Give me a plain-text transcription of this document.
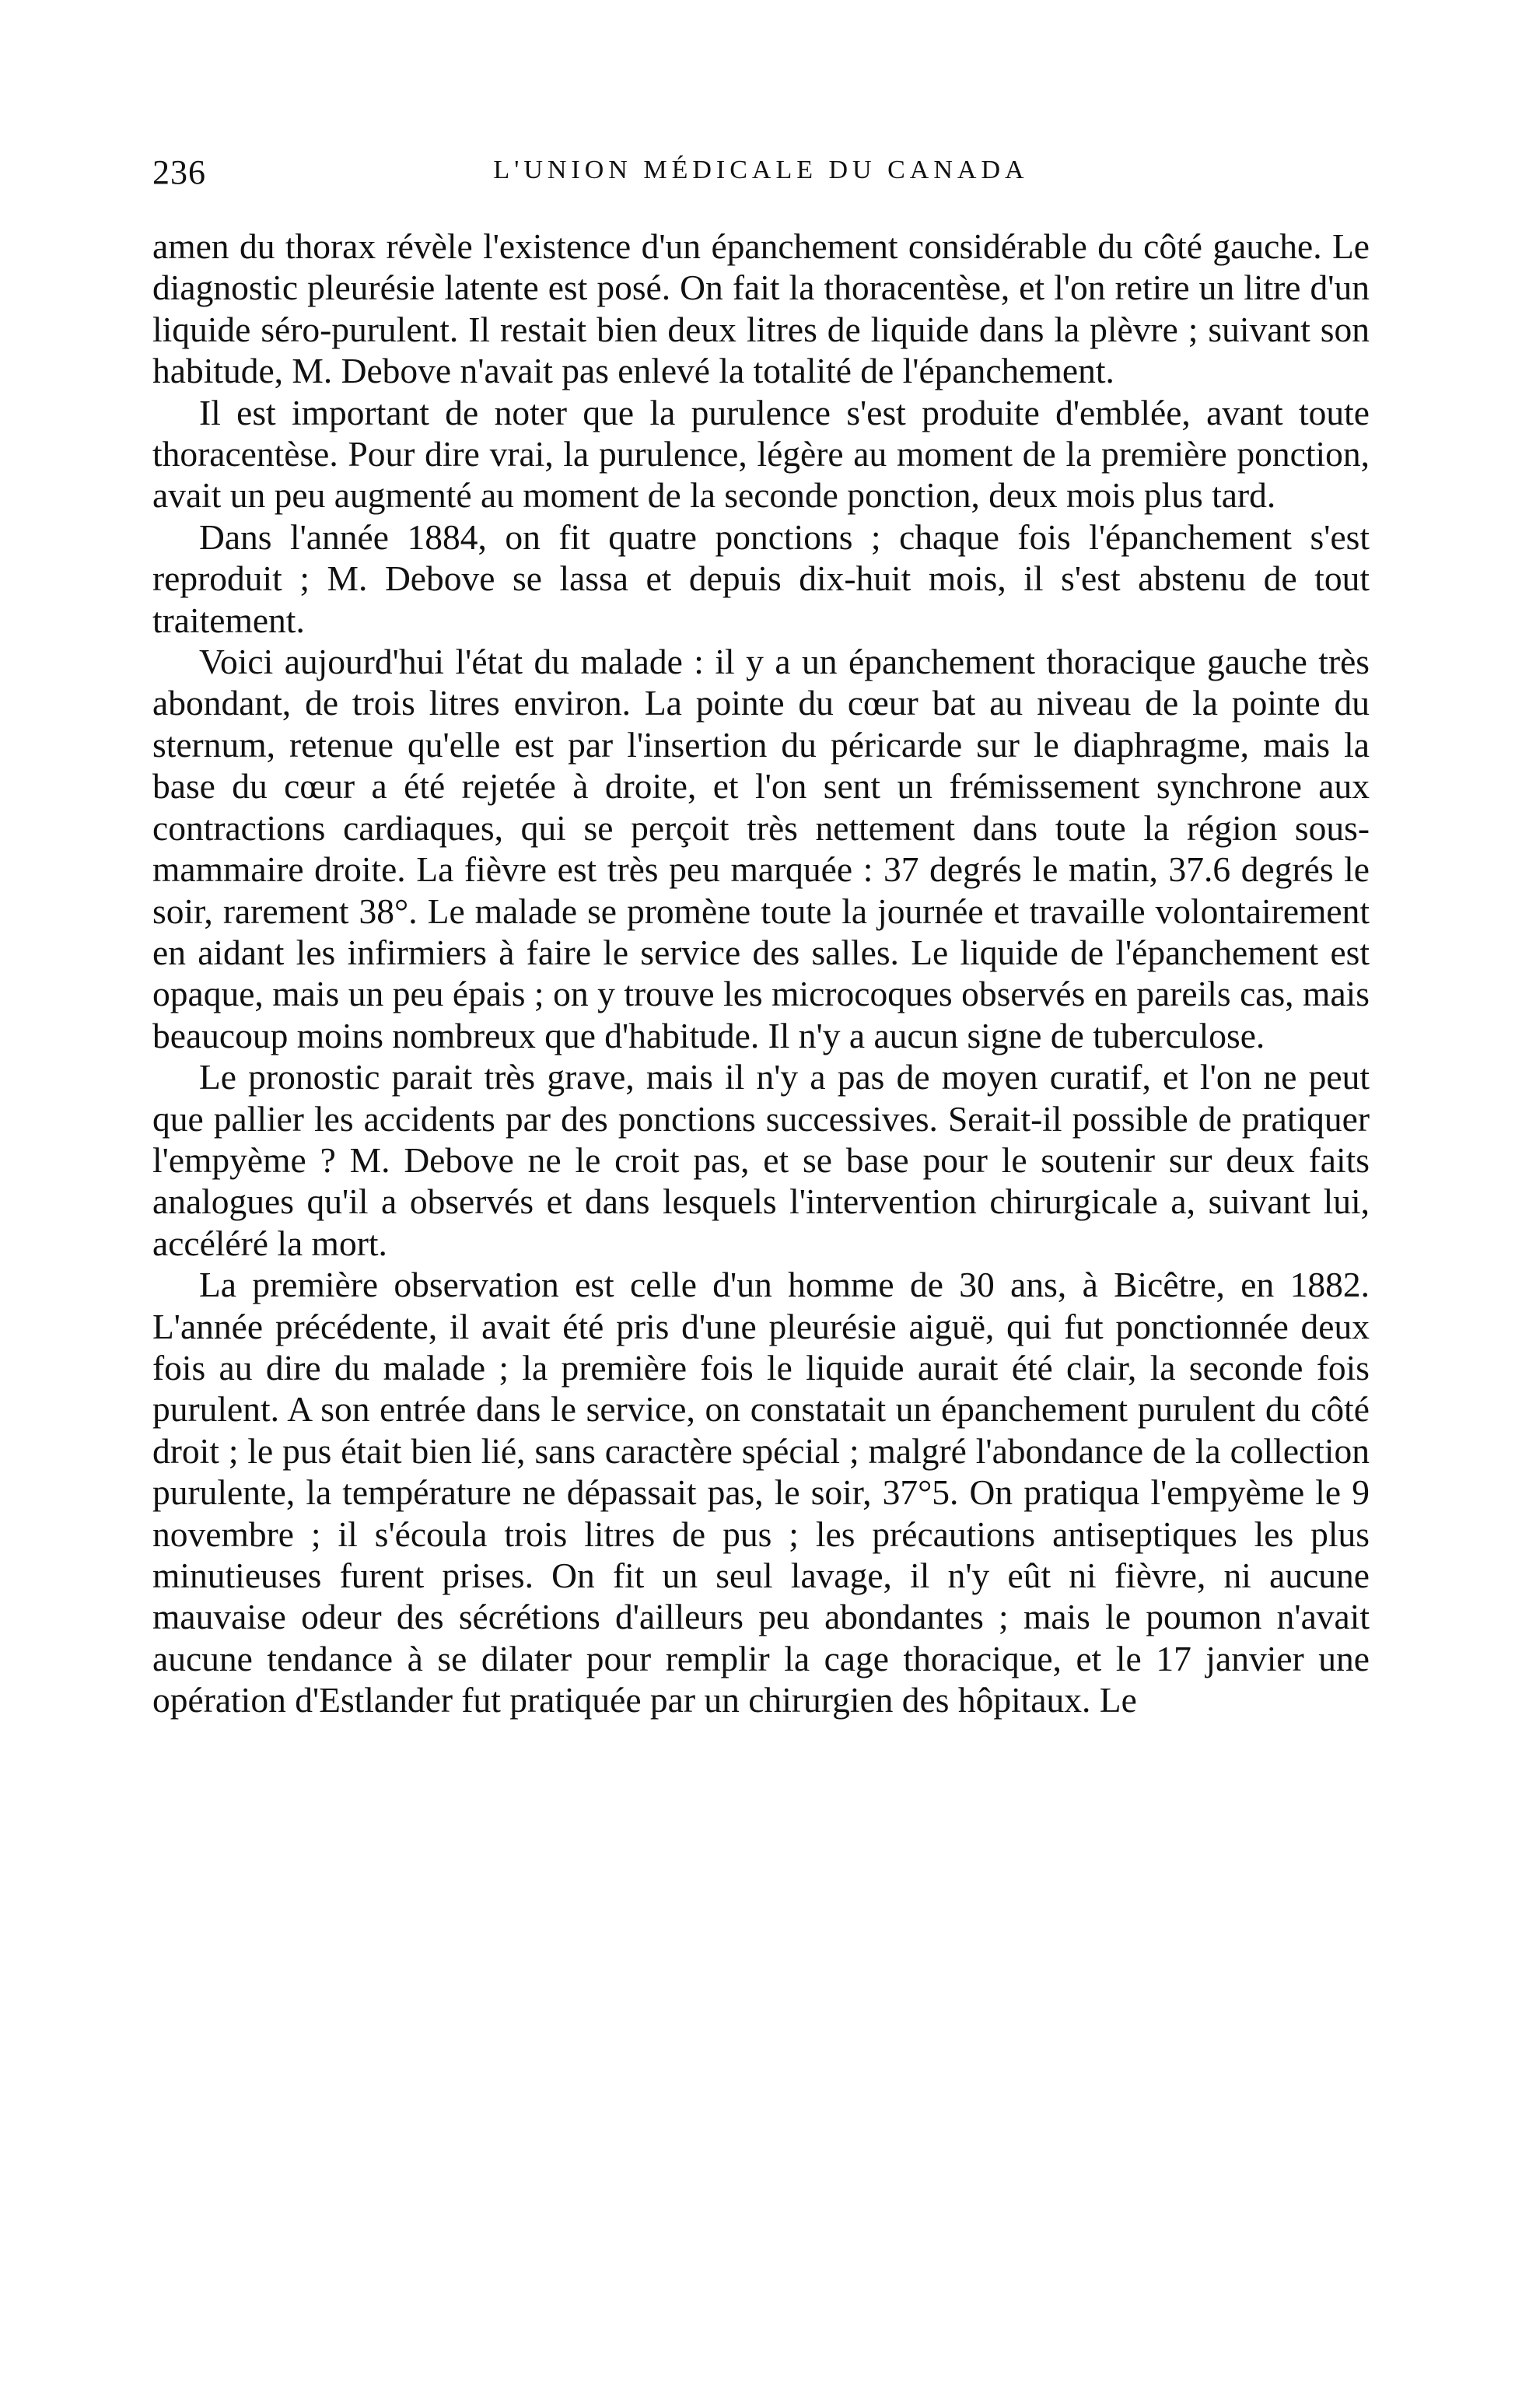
236	L'UNION MÉDICALE DU CANADA

amen du thorax révèle l'existence d'un épanchement considérable du côté gauche. Le diagnostic pleurésie latente est posé. On fait la thoracentèse, et l'on retire un litre d'un liquide séro-purulent. Il restait bien deux litres de liquide dans la plèvre ; suivant son habitude, M. Debove n'avait pas enlevé la totalité de l'épanchement.

Il est important de noter que la purulence s'est produite d'emblée, avant toute thoracentèse. Pour dire vrai, la purulence, légère au moment de la première ponction, avait un peu augmenté au moment de la seconde ponction, deux mois plus tard.

Dans l'année 1884, on fit quatre ponctions ; chaque fois l'épanchement s'est reproduit ; M. Debove se lassa et depuis dix-huit mois, il s'est abstenu de tout traitement.

Voici aujourd'hui l'état du malade : il y a un épanchement thoracique gauche très abondant, de trois litres environ. La pointe du cœur bat au niveau de la pointe du sternum, retenue qu'elle est par l'insertion du péricarde sur le diaphragme, mais la base du cœur a été rejetée à droite, et l'on sent un frémissement synchrone aux contractions cardiaques, qui se perçoit très nettement dans toute la région sous-mammaire droite. La fièvre est très peu marquée : 37 degrés le matin, 37.6 degrés le soir, rarement 38°. Le malade se promène toute la journée et travaille volontairement en aidant les infirmiers à faire le service des salles. Le liquide de l'épanchement est opaque, mais un peu épais ; on y trouve les microcoques observés en pareils cas, mais beaucoup moins nombreux que d'habitude. Il n'y a aucun signe de tuberculose.

Le pronostic parait très grave, mais il n'y a pas de moyen curatif, et l'on ne peut que pallier les accidents par des ponctions successives. Serait-il possible de pratiquer l'empyème ? M. Debove ne le croit pas, et se base pour le soutenir sur deux faits analogues qu'il a observés et dans lesquels l'intervention chirurgicale a, suivant lui, accéléré la mort.

La première observation est celle d'un homme de 30 ans, à Bicêtre, en 1882. L'année précédente, il avait été pris d'une pleurésie aiguë, qui fut ponctionnée deux fois au dire du malade ; la première fois le liquide aurait été clair, la seconde fois purulent. A son entrée dans le service, on constatait un épanchement purulent du côté droit ; le pus était bien lié, sans caractère spécial ; malgré l'abondance de la collection purulente, la température ne dépassait pas, le soir, 37°5. On pratiqua l'empyème le 9 novembre ; il s'écoula trois litres de pus ; les précautions antiseptiques les plus minutieuses furent prises. On fit un seul lavage, il n'y eût ni fièvre, ni aucune mauvaise odeur des sécrétions d'ailleurs peu abondantes ; mais le poumon n'avait aucune tendance à se dilater pour remplir la cage thoracique, et le 17 janvier une opération d'Estlander fut pratiquée par un chirurgien des hôpitaux. Le
